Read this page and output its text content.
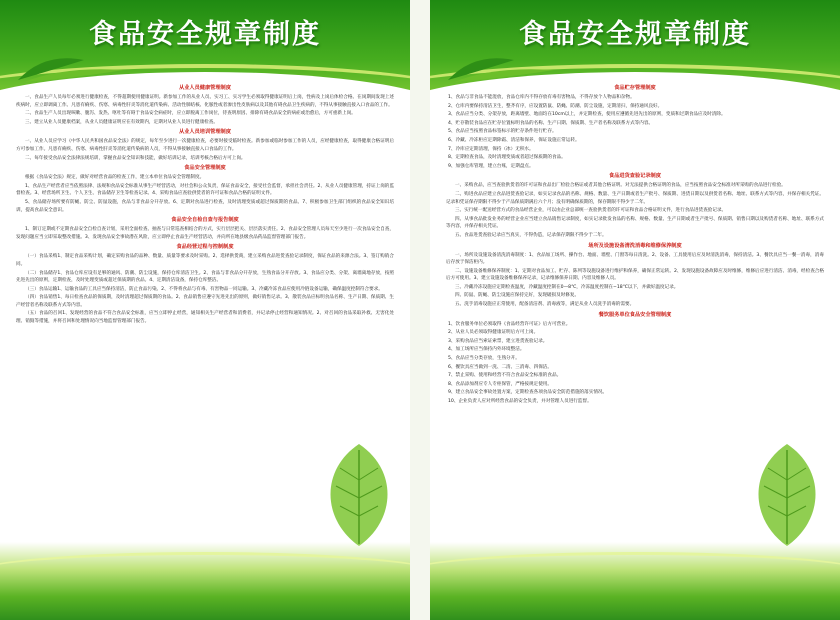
食品安全规章制度
从业人员健康管理制度

一、食品生产人员每年必须进行健康检查，不得超期使用健康证明。新参加工作的从业人员、实习工、实习学生必须取得健康证明后上岗，性病及上岗后体检合格。在岗期间发现上述疾病时，应立即调离工作。凡患有痢疾、伤寒、病毒性肝炎等消化道传染病、活动性肺结核、化脓性或者渗出性皮肤病以及其他有碍食品卫生疾病的，不得从事接触直接入口食品的工作。

二、食品生产人员出现咳嗽、腹泻、发热、呕吐等有碍于食品安全病症时，应立即脱离工作岗位，待查明原因、排除有碍食品安全的病症或治愈后，方可重新上岗。

三、建立从业人员健康档案，从业人员健康证明应在有效期内，定期对从业人员进行健康检查。

从业人员培训管理制度

一、从业人员应学习《中华人民共和国食品安全法》的规定，每年至少进行一次健康检查，必要时接受临时检查。新参加或临时参加工作的人员，应经健康检查，取得健康合格证明后方可参加工作。凡患有痢疾、伤寒、病毒性肝炎等消化道传染病的人员，不得从事接触直接入口食品的工作。

二、每年接受食品安全法律法规培训，掌握食品安全知识和技能，做好培训记录，培训考核合格后方可上岗。

食品安全管理制度

根据《食品安全法》规定，做好对经营食品的检查工作，建立本单位食品安全管理制度。

1、食品生产经营者应当依照法律、法规和食品安全标准从事生产经营活动，对社会和公众负责，保证食品安全，接受社会监督，承担社会责任。2、从业人员健康管理，持证上岗的监督检查。3、经营场所卫生、个人卫生、食品储存卫生等检查记录。4、采购食品应查验供货者的许可证和食品合格的证明文件。

5、食品储存场所要有防蝇、防尘、防鼠设施，食品与非食品分开存放。6、定期对食品进行检查，及时清理变质或超过保质期的食品。7、积极参加卫生部门组织的食品安全知识培训，提高食品安全意识。

食品安全自检自查与报告制度

1、制订定期或不定期食品安全自检自查计划，采用全面检查、抽查与日常巡查相结合的方式，实行层层把关、层层落实责任。2、食品安全管理人员每天至少进行一次食品安全自查，发现问题应当立即采取整改措施。3、发现食品安全事故潜在风险，应立即停止食品生产经营活动，并向所在地县级食品药品监督管理部门报告。

食品经营过程与控制制度

（一）食品采购1、制定食品采购计划，确定采购食品的品种、数量、质量等要求及时采购。2、选择供货商，建立采购食品进货查验记录制度，保证食品的来源合法。3、签订购销合同。

（二）食品储存1、食品仓库应设有足够的通风、防潮、防尘设施，保持仓库清洁卫生。2、食品与非食品分开存放，生熟食品分开存放。3、食品应分类、分架、离墙离地存放，按照先进先出的原则，定期检查，及时处理变质或超过保质期的食品。4、定期清洁设备，保持仓库整洁。

（三）食品运输1、运输食品的工具应当保持清洁，防止食品污染。2、不得将食品与有毒、有害物品一同运输。3、冷藏冷冻食品应使用冷链设备运输，确保温度控制符合要求。

（四）食品销售1、每日检查食品的保质期，及时清理超过保质期的食品。2、食品销售应遵守先进先出的原则，做好销售记录。3、散装食品应标明食品名称、生产日期、保质期、生产经营者名称及联系方式等内容。

（五）食品的召回1、发现经营的食品不符合食品安全标准，应当立即停止经营，通知相关生产经营者和消费者，并记录停止经营和通知情况。2、对召回的食品采取补救、无害化处理、销毁等措施，并将召回和处理情况向当地监督管理部门报告。

食品安全规章制度
食品贮存管理制度

1、食品与非食品不能混放，食品仓库内不得存放有毒有害物品，不得存放个人物品和杂物。

2、仓库内要保持清洁卫生，整齐有序，应设置防鼠、防蝇、防潮、防尘设施，定期清扫，保持通风良好。

3、食品应当分类、分架存放，距离墙壁、地面均在10cm以上，并定期检查，使用应遵循先进先出的原则，变质和过期食品应及时清除。

4、贮存散装食品应在贮存位置标明食品的名称、生产日期、保质期、生产者名称及联系方式等内容。

5、食品应当按照食品标签标示的贮存条件进行贮存。

6、冷藏、冷冻柜应定期除霜、清洁和保养，保证设施正常运转。

7、冷库应定期清理，保持（冰）无积水。

8、定期检查食品，及时清理变质或者超过保质期的食品。

9、加强仓库管理，建立台账，定期盘点。

食品进货查验记录制度

一、采购食品，应当查验供货者的许可证和食品出厂检验合格证或者其他合格证明。对无法提供合格证明的食品，应当按照食品安全标准对所采购的食品进行检验。

二、购进食品应建立食品进货查验记录，如实记录食品的名称、规格、数量、生产日期或者生产批号、保质期、进货日期以及供货者名称、地址、联系方式等内容，并保存相关凭证。记录和凭证保存期限不得少于产品保质期满后六个月；没有明确保质期的，保存期限不得少于二年。

三、实行统一配送经营方式的食品经营企业，可以由企业总部统一查验供货者的许可证和食品合格证明文件，进行食品进货查验记录。

四、从事食品批发业务的经营企业应当建立食品销售记录制度，如实记录批发食品的名称、规格、数量、生产日期或者生产批号、保质期、销售日期以及购货者名称、地址、联系方式等内容，并保存相关凭证。

五、食品进货查验记录应当真实，不得伪造，记录保存期限不得少于二年。

场所及设施设备清洗消毒和维修保养制度

一、场所及设施设备清洗消毒制度：1、食品加工场所、操作台、地面、墙壁、门窗等每日清洗。2、设备、工具使用后应及时清洗消毒，保持清洁。3、餐饮具应当一餐一消毒，消毒后存放于保洁柜内。

二、设施设备维修保养制度：1、定期对食品加工、贮存、陈列等设施设备进行维护和保养，确保正常运转。2、发现设施设备故障应及时维修，维修后应进行清洁、消毒，经检查合格后方可使用。3、建立设施设备维修保养记录，记录维修保养日期、内容及维修人员。

三、冷藏冷冻设施应定期检查温度，冷藏温度控制在0—8℃，冷冻温度控制在−18℃以下，并做好温度记录。

四、防鼠、防蝇、防尘设施应保持完好，发现破损及时修复。

五、洗手消毒设施应正常使用，配备清洁剂、消毒液等，满足从业人员洗手消毒的需要。

餐饮服务单位食品安全管理制度

1、饮食服务单位必须取得《食品经营许可证》后方可营业。

2、从业人员必须取得健康证明后方可上岗。

3、采购食品应当索证索票，建立进货查验记录。

4、加工场所应当保持内外环境整洁。

5、食品应当分类存放，生熟分开。

6、餐饮具应当做到一洗、二清、三消毒、四保洁。

7、禁止采购、使用和经营不符合食品安全标准的食品。

8、食品添加剂应专人专柜保管，严格按规定使用。

9、建立食品安全事故处置方案，定期检查各项食品安全防范措施的落实情况。

10、企业负责人应对所经营食品的安全负责，并对管理人员进行监督。
